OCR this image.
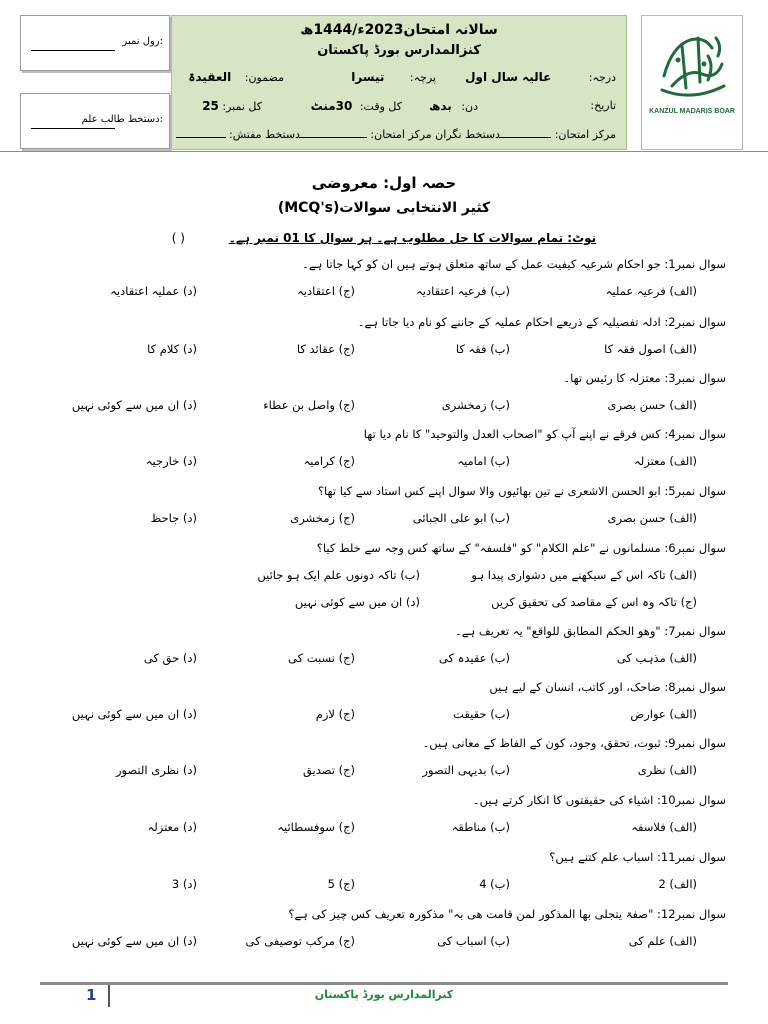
رول نمبر:
دستخط طالب علم:
سالانہ امتحان2023ء/1444ھ
کنزالمدارس بورڈ پاکستان
درجہ: عالیہ سال اول
پرچہ: تیسرا
مضمون: العقیدۃ
تاریخ:
دن: بدھ
کل وقت: 30منٹ
کل نمبر: 25
مرکز امتحان:
دستخط نگران مرکز امتحان:
دستخط مفتش:
KANZUL MADARIS BOAR
حصہ اول: معروضی
کثیر الانتخابی سوالات(MCQ's)
نوٹ: تمام سوالات کا حل مطلوب ہے۔ ہر سوال کا 01 نمبر ہے۔ ( )
سوال نمبر1: جو احکام شرعیہ کیفیت عمل کے ساتھ متعلق ہوتے ہیں ان کو کہا جاتا ہے۔
(الف) فرعیہ عملیہ
(ب) فرعیہ اعتقادیہ
(ج) اعتقادیہ
(د) عملیہ اعتقادیہ
سوال نمبر2: ادلہ تفصیلیہ کے ذریعے احکام عملیہ کے جاننے کو نام دیا جاتا ہے۔
(الف) اصول فقہ کا
(ب) فقہ کا
(ج) عقائد کا
(د) کلام کا
سوال نمبر3: معتزلہ کا رئیس تھا۔
(الف) حسن بصری
(ب) زمخشری
(ج) واصل بن عطاء
(د) ان میں سے کوئی نہیں
سوال نمبر4: کس فرقے نے اپنے آپ کو "اصحاب العدل والتوحید" کا نام دیا تھا
(الف) معتزلہ
(ب) امامیہ
(ج) کرامیہ
(د) خارجیہ
سوال نمبر5: ابو الحسن الاشعری نے تین بھائیوں والا سوال اپنے کس استاد سے کیا تھا؟
(الف) حسن بصری
(ب) ابو علی الجبائی
(ج) زمخشری
(د) جاحظ
سوال نمبر6: مسلمانوں نے "علم الکلام" کو "فلسفہ" کے ساتھ کس وجہ سے خلط کیا؟
(الف) تاکہ اس کے سیکھنے میں دشواری پیدا ہو
(ب) تاکہ دونوں علم ایک ہو جائیں
(ج) تاکہ وہ اس کے مقاصد کی تحقیق کریں
(د) ان میں سے کوئی نہیں
سوال نمبر7: "وھو الحکم المطابق للواقع" یہ تعریف ہے۔
(الف) مذہب کی
(ب) عقیدہ کی
(ج) نسبت کی
(د) حق کی
سوال نمبر8: ضاحک، اور کاتب، انسان کے لیے ہیں
(الف) عوارض
(ب) حقیقت
(ج) لازم
(د) ان میں سے کوئی نہیں
سوال نمبر9: ثبوت، تحقق، وجود، کون کے الفاظ کے معانی ہیں۔
(الف) نظری
(ب) بدیہی التصور
(ج) تصدیق
(د) نظری التصور
سوال نمبر10: اشیاء کی حقیقتوں کا انکار کرتے ہیں۔
(الف) فلاسفہ
(ب) مناطقہ
(ج) سوفسطائیہ
(د) معتزلہ
سوال نمبر11: اسباب علم کتنے ہیں؟
(الف) 2
(ب) 4
(ج) 5
(د) 3
سوال نمبر12: "صفۃ یتجلی بھا المذکور لمن قامت ھی بہ" مذکورہ تعریف کس چیز کی ہے؟
(الف) علم کی
(ب) اسباب کی
(ج) مرکب توصیفی کی
(د) ان میں سے کوئی نہیں
1	کنزالمدارس بورڈ پاکستان
